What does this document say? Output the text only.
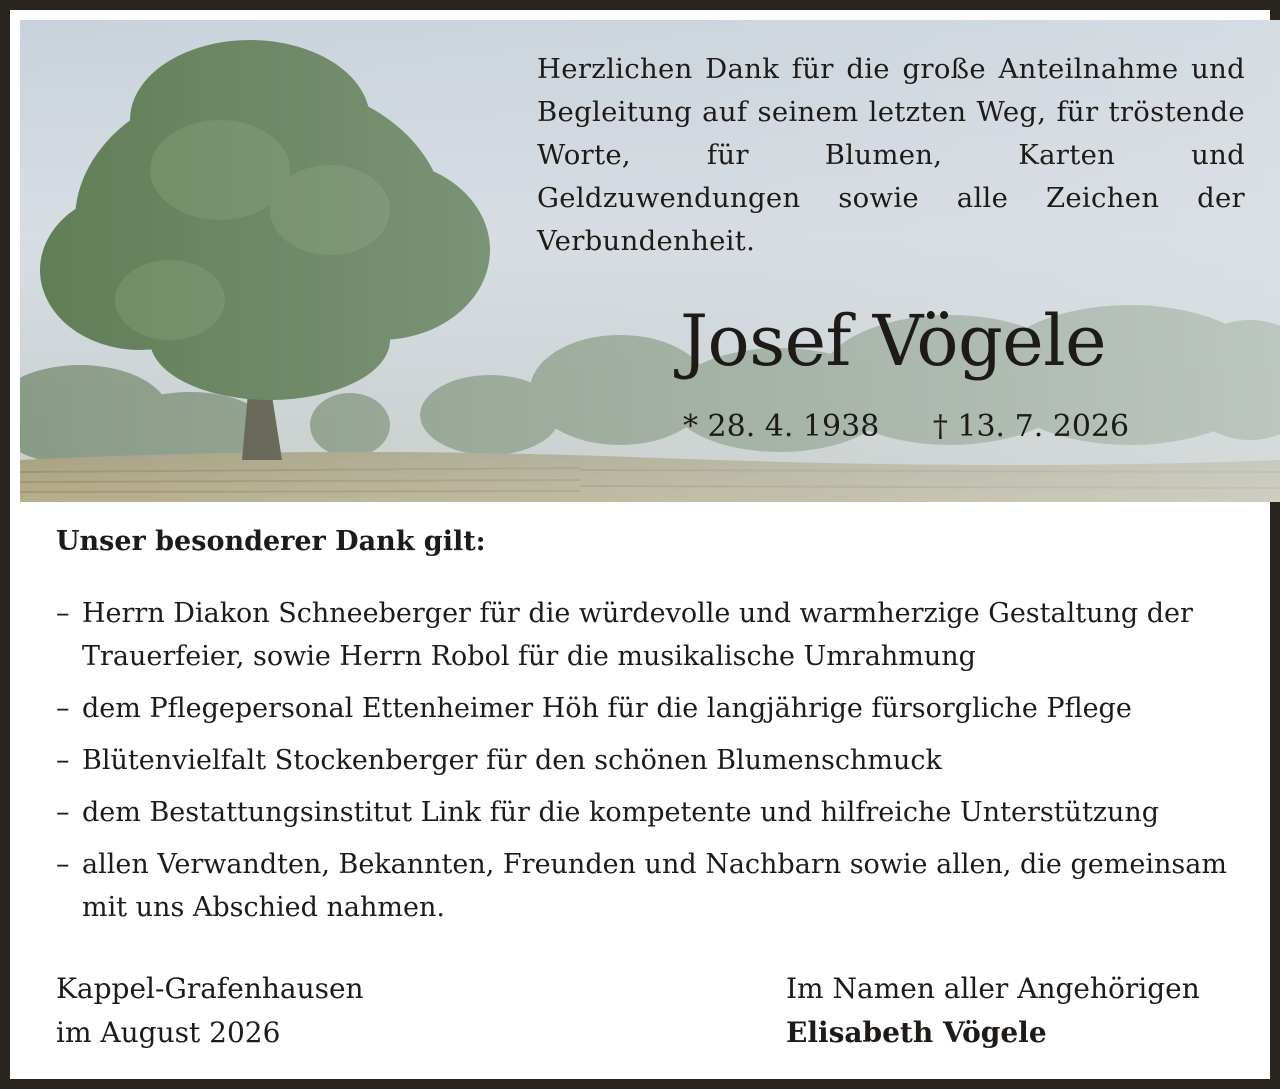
Herzlichen Dank für die große Anteilnahme und Begleitung auf seinem letzten Weg, für tröstende Worte, für Blumen, Karten und Geldzuwendungen sowie alle Zeichen der Verbundenheit.
Josef Vögele
* 28. 4. 1938 † 13. 7. 2026
Unser besonderer Dank gilt:
– Herrn Diakon Schneeberger für die würdevolle und warmherzige Gestaltung der Trauerfeier, sowie Herrn Robol für die musikalische Umrahmung
– dem Pflegepersonal Ettenheimer Höh für die langjährige fürsorgliche Pflege
– Blütenvielfalt Stockenberger für den schönen Blumenschmuck
– dem Bestattungsinstitut Link für die kompetente und hilfreiche Unterstützung
– allen Verwandten, Bekannten, Freunden und Nachbarn sowie allen, die gemeinsam mit uns Abschied nahmen.
Kappel-Grafenhausen
im August 2026
Im Namen aller Angehörigen
Elisabeth Vögele
